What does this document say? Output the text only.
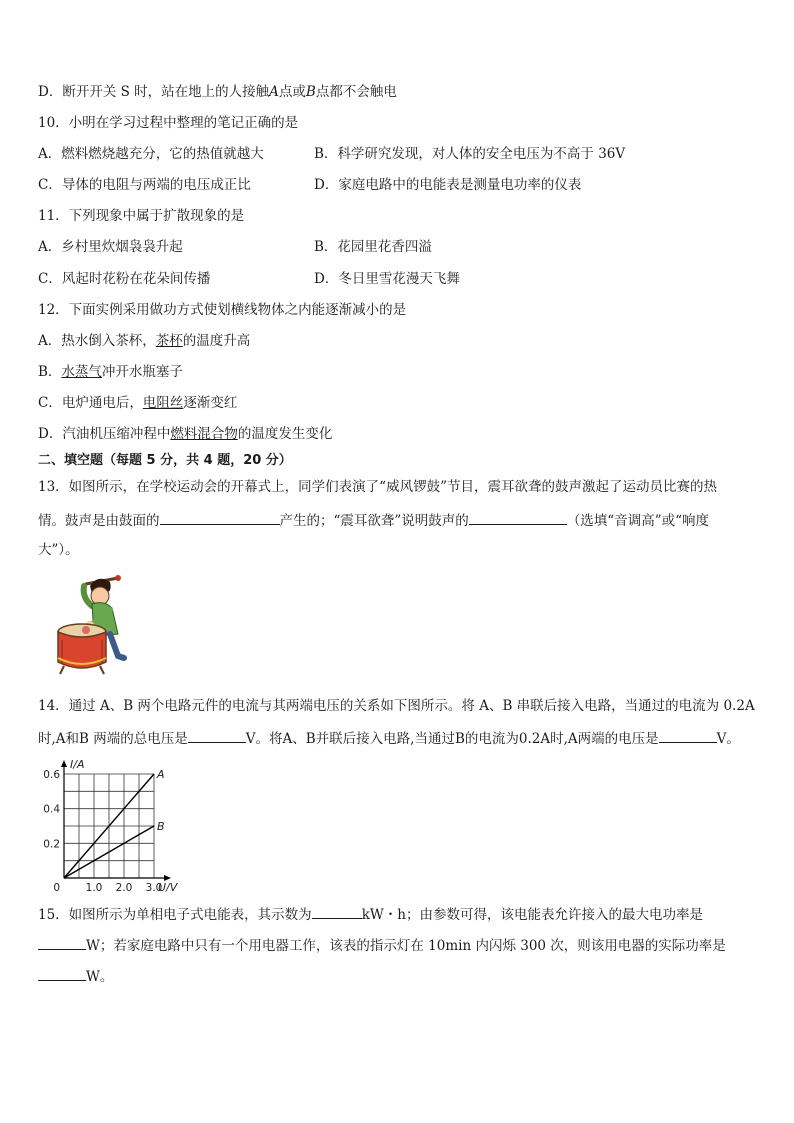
D．断开开关 S 时，站在地上的人接触A点或B点都不会触电
10．小明在学习过程中整理的笔记正确的是
A．燃料燃烧越充分，它的热值就越大	B．科学研究发现，对人体的安全电压为不高于 36V
C．导体的电阻与两端的电压成正比	D．家庭电路中的电能表是测量电功率的仪表
11．下列现象中属于扩散现象的是
A．乡村里炊烟袅袅升起	B．花园里花香四溢
C．风起时花粉在花朵间传播	D．冬日里雪花漫天飞舞
12．下面实例采用做功方式使划横线物体之内能逐渐减小的是
A．热水倒入茶杯，茶杯的温度升高
B．水蒸气冲开水瓶塞子
C．电炉通电后，电阻丝逐渐变红
D．汽油机压缩冲程中燃料混合物的温度发生变化
二、填空题（每题 5 分，共 4 题，20 分）
13．如图所示，在学校运动会的开幕式上，同学们表演了“威风锣鼓”节目，震耳欲聋的鼓声激起了运动员比赛的热
情。鼓声是由鼓面的	产生的；“震耳欲聋”说明鼓声的	（选填“音调高”或“响度
大”）。
14．通过 A、B 两个电路元件的电流与其两端电压的关系如下图所示。将 A、B 串联后接入电路，当通过的电流为 0.2A
时,A和B 两端的总电压是	V。将A、B并联后接入电路,当通过B的电流为0.2A时,A两端的电压是	V。
0.6
0.4
0.2
1.0 2.0 3.0
0
I/A
U/V
A
B
15．如图所示为单相电子式电能表，其示数为	kW・h；由参数可得，该电能表允许接入的最大电功率是
W；若家庭电路中只有一个用电器工作，该表的指示灯在 10min 内闪烁 300 次，则该用电器的实际功率是
W。
